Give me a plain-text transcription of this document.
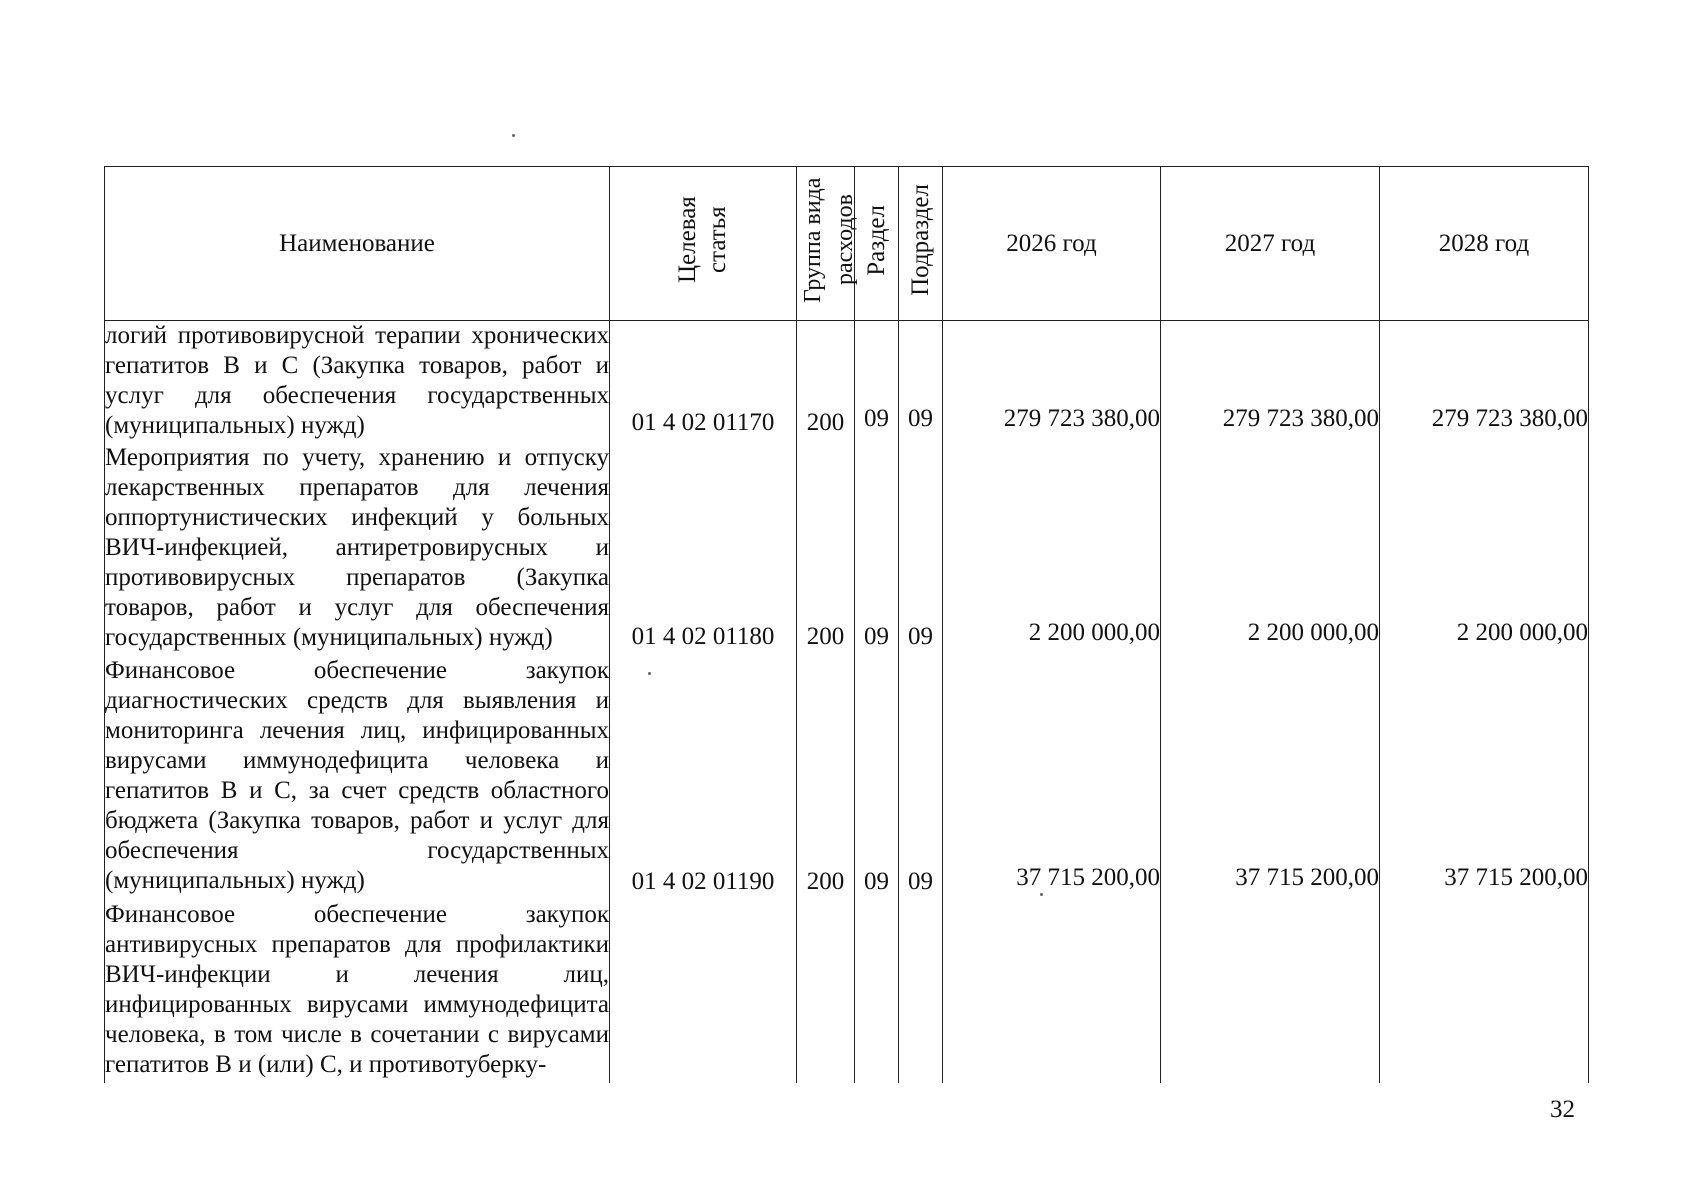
Наименование	Целевая статья	Группа вида расходов	Раздел	Подраздел	2026 год	2027 год	2028 год

логий противовирусной терапии хронических гепатитов В и С (Закупка товаров, работ и услуг для обеспечения государственных (муниципальных) нужд)	01 4 02 01170	200	09	09	279 723 380,00	279 723 380,00	279 723 380,00

Мероприятия по учету, хранению и отпуску лекарственных препаратов для лечения оппортунистических инфекций у больных ВИЧ-инфекцией, антиретровирусных и противовирусных препаратов (Закупка товаров, работ и услуг для обеспечения государственных (муниципальных) нужд)	01 4 02 01180	200	09	09	2 200 000,00	2 200 000,00	2 200 000,00

Финансовое обеспечение закупок диагностических средств для выявления и мониторинга лечения лиц, инфицированных вирусами иммунодефицита человека и гепатитов В и С, за счет средств областного бюджета (Закупка товаров, работ и услуг для обеспечения государственных (муниципальных) нужд)	01 4 02 01190	200	09	09	37 715 200,00	37 715 200,00	37 715 200,00

Финансовое обеспечение закупок антивирусных препаратов для профилактики ВИЧ-инфекции и лечения лиц, инфицированных вирусами иммунодефицита человека, в том числе в сочетании с вирусами гепатитов В и (или) С, и противотуберку-							

32
